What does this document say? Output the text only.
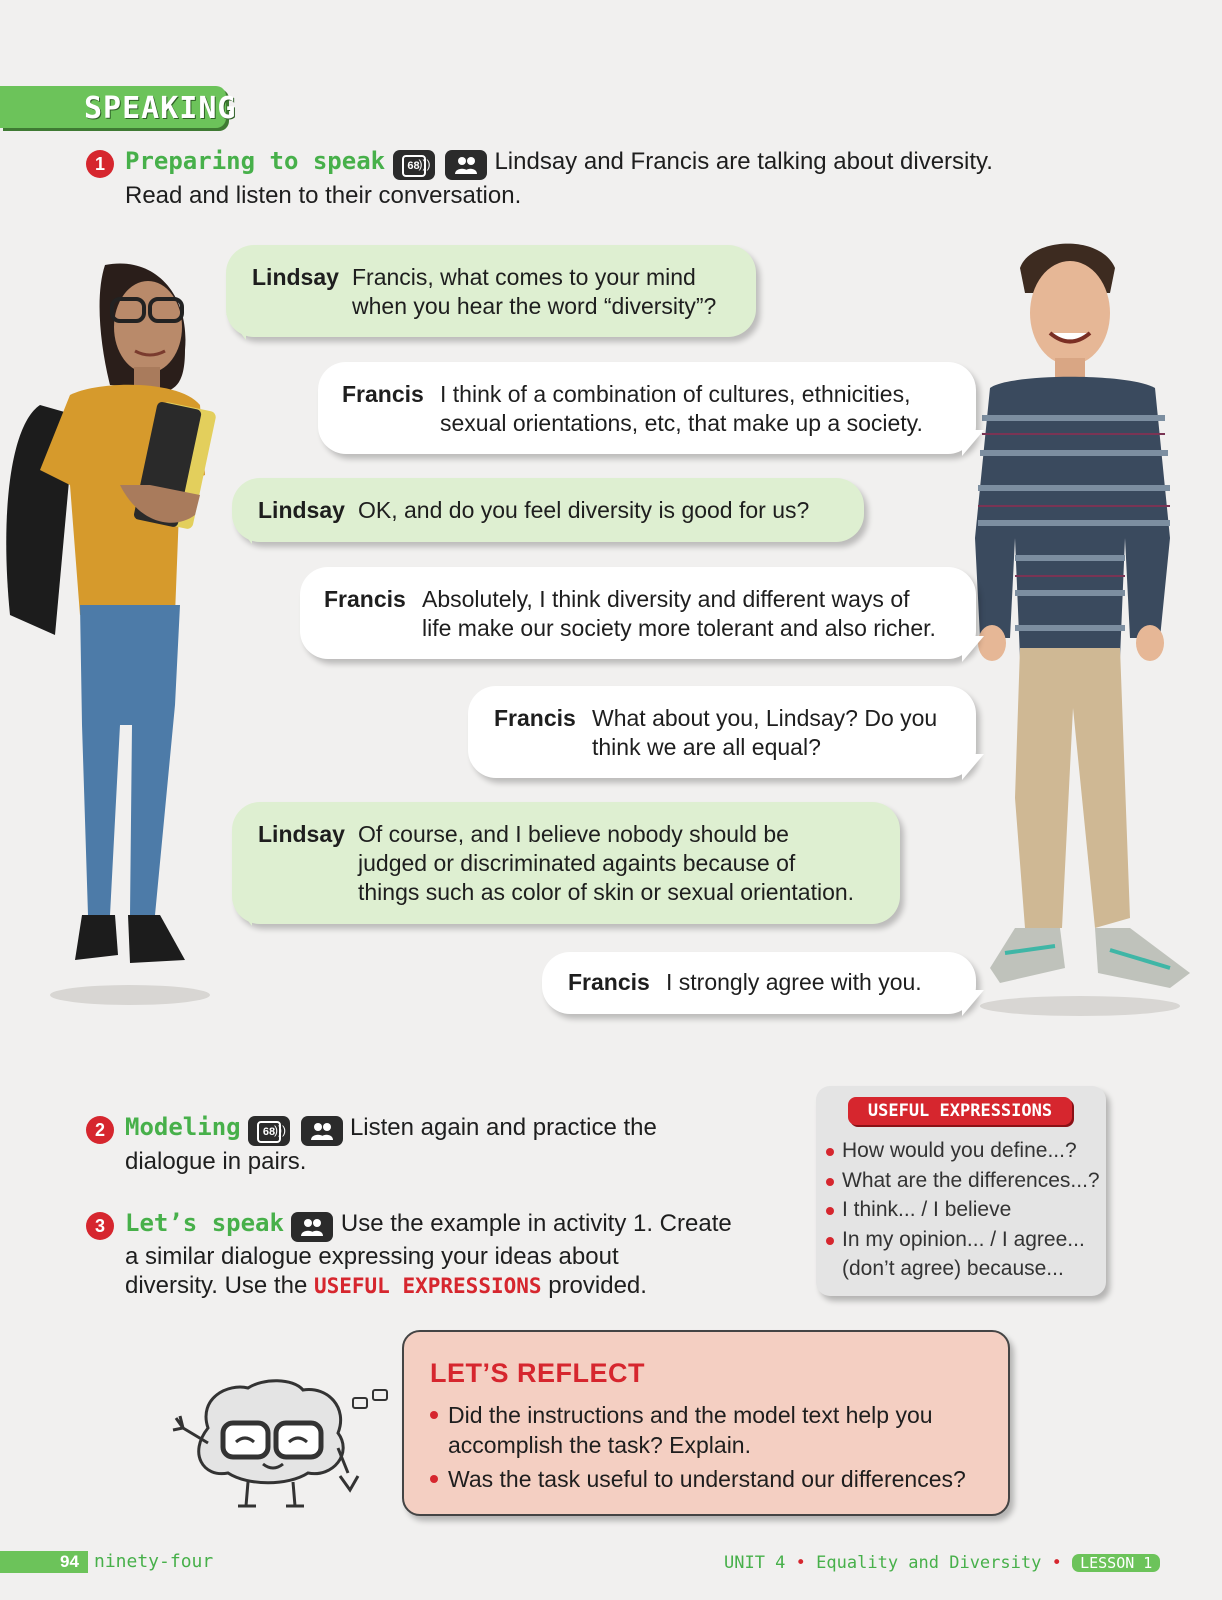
SPEAKING
1 Preparing to speak 68
)))	Lindsay and Francis are talking about diversity.
Read and listen to their conversation.
Lindsay Francis, what comes to your mind
when you hear the word “diversity”?
Francis I think of a combination of cultures, ethnicities,
sexual orientations, etc, that make up a society.
Lindsay OK, and do you feel diversity is good for us?
Francis Absolutely, I think diversity and different ways of
life make our society more tolerant and also richer.
Francis What about you, Lindsay? Do you
think we are all equal?
Lindsay Of course, and I believe nobody should be
judged or discriminated againts because of
things such as color of skin or sexual orientation.
Francis I strongly agree with you.
2 Modeling 68
)))	Listen again and practice the
dialogue in pairs.
3 Let’s speak Use the example in activity 1. Create
a similar dialogue expressing your ideas about
diversity. Use the USEFUL EXPRESSIONS provided.
USEFUL EXPRESSIONS
How would you define...?
What are the differences...?
I think... / I believe
In my opinion... / I agree...
(don’t agree) because...
LET’S REFLECT
Did the instructions and the model text help you
accomplish the task? Explain.
Was the task useful to understand our differences?
94 ninety-four	UNIT 4 • Equality and Diversity • LESSON 1
